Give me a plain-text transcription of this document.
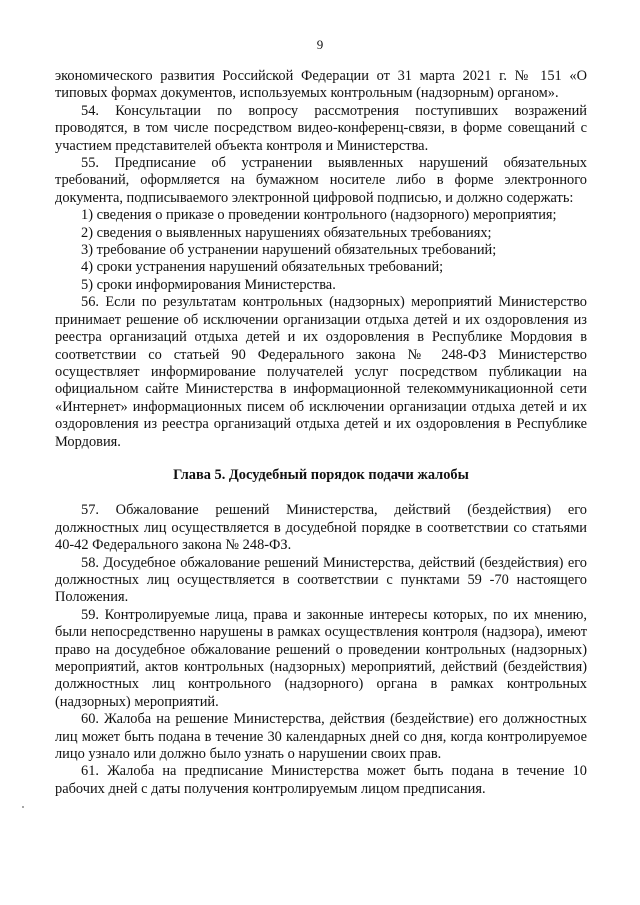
9

экономического развития Российской Федерации от 31 марта 2021 г. № 151 «О типовых формах документов, используемых контрольным (надзорным) органом».

54. Консультации по вопросу рассмотрения поступивших возражений проводятся, в том числе посредством видео-конференц-связи, в форме совещаний с участием представителей объекта контроля и Министерства.

55. Предписание об устранении выявленных нарушений обязательных требований, оформляется на бумажном носителе либо в форме электронного документа, подписываемого электронной цифровой подписью, и должно содержать:

1) сведения о приказе о проведении контрольного (надзорного) мероприятия;

2) сведения о выявленных нарушениях обязательных требованиях;

3) требование об устранении нарушений обязательных требований;

4) сроки устранения нарушений обязательных требований;

5) сроки информирования Министерства.

56. Если по результатам контрольных (надзорных) мероприятий Министерство принимает решение об исключении организации отдыха детей и их оздоровления из реестра организаций отдыха детей и их оздоровления в Республике Мордовия в соответствии со статьей 90 Федерального закона № 248-ФЗ Министерство осуществляет информирование получателей услуг посредством публикации на официальном сайте Министерства в информационной телекоммуникационной сети «Интернет» информационных писем об исключении организации отдыха детей и их оздоровления из реестра организаций отдыха детей и их оздоровления в Республике Мордовия.

Глава 5. Досудебный порядок подачи жалобы

57. Обжалование решений Министерства, действий (бездействия) его должностных лиц осуществляется в досудебной порядке в соответствии со статьями 40-42 Федерального закона № 248-ФЗ.

58. Досудебное обжалование решений Министерства, действий (бездействия) его должностных лиц осуществляется в соответствии с пунктами 59 -70 настоящего Положения.

59. Контролируемые лица, права и законные интересы которых, по их мнению, были непосредственно нарушены в рамках осуществления контроля (надзора), имеют право на досудебное обжалование решений о проведении контрольных (надзорных) мероприятий, актов контрольных (надзорных) мероприятий, действий (бездействия) должностных лиц контрольного (надзорного) органа в рамках контрольных (надзорных) мероприятий.

60. Жалоба на решение Министерства, действия (бездействие) его должностных лиц может быть подана в течение 30 календарных дней со дня, когда контролируемое лицо узнало или должно было узнать о нарушении своих прав.

61. Жалоба на предписание Министерства может быть подана в течение 10 рабочих дней с даты получения контролируемым лицом предписания.
